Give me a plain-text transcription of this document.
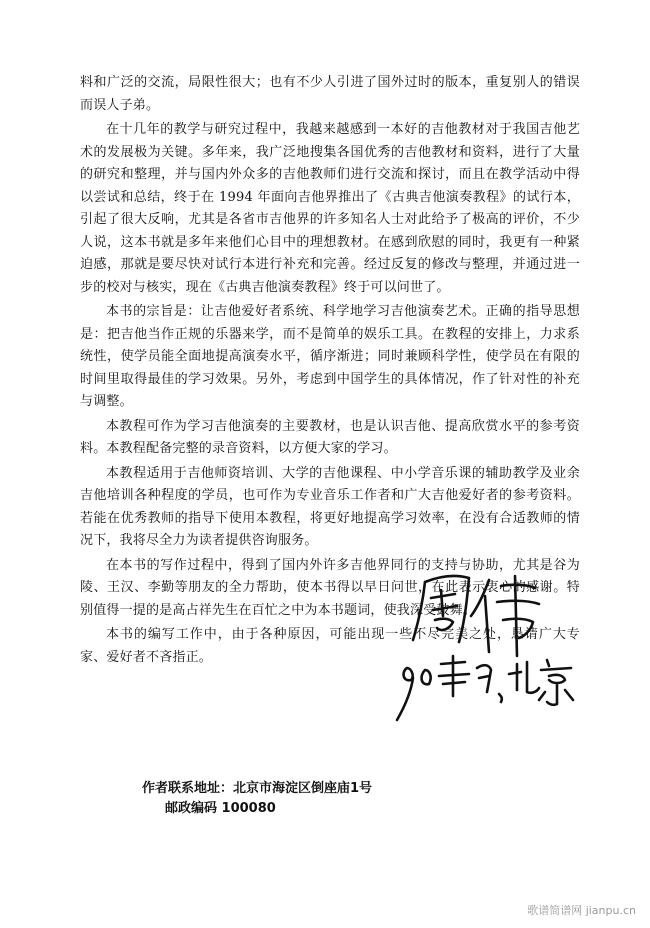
料和广泛的交流，局限性很大；也有不少人引进了国外过时的版本，重复别人的错误而误人子弟。

在十几年的教学与研究过程中，我越来越感到一本好的吉他教材对于我国吉他艺术的发展极为关键。多年来，我广泛地搜集各国优秀的吉他教材和资料，进行了大量的研究和整理，并与国内外众多的吉他教师们进行交流和探讨，而且在教学活动中得以尝试和总结，终于在 1994 年面向吉他界推出了《古典吉他演奏教程》的试行本，引起了很大反响，尤其是各省市吉他界的许多知名人士对此给予了极高的评价，不少人说，这本书就是多年来他们心目中的理想教材。在感到欣慰的同时，我更有一种紧迫感，那就是要尽快对试行本进行补充和完善。经过反复的修改与整理，并通过进一步的校对与核实，现在《古典吉他演奏教程》终于可以问世了。

本书的宗旨是：让吉他爱好者系统、科学地学习吉他演奏艺术。正确的指导思想是：把吉他当作正规的乐器来学，而不是简单的娱乐工具。在教程的安排上，力求系统性，使学员能全面地提高演奏水平，循序渐进；同时兼顾科学性，使学员在有限的时间里取得最佳的学习效果。另外，考虑到中国学生的具体情况，作了针对性的补充与调整。

本教程可作为学习吉他演奏的主要教材，也是认识吉他、提高欣赏水平的参考资料。本教程配备完整的录音资料，以方便大家的学习。

本教程适用于吉他师资培训、大学的吉他课程、中小学音乐课的辅助教学及业余吉他培训各种程度的学员，也可作为专业音乐工作者和广大吉他爱好者的参考资料。若能在优秀教师的指导下使用本教程，将更好地提高学习效率，在没有合适教师的情况下，我将尽全力为读者提供咨询服务。

在本书的写作过程中，得到了国内外许多吉他界同行的支持与协助，尤其是谷为陵、王汉、李勤等朋友的全力帮助，使本书得以早日问世，在此表示衷心的感谢。特别值得一提的是高占祥先生在百忙之中为本书题词，使我深受鼓舞。

本书的编写工作中，由于各种原因，可能出现一些不尽完美之处，恳请广大专家、爱好者不吝指正。

作者联系地址：北京市海淀区倒座庙1号
邮政编码 100080
歌谱简谱网 jianpu.cn
